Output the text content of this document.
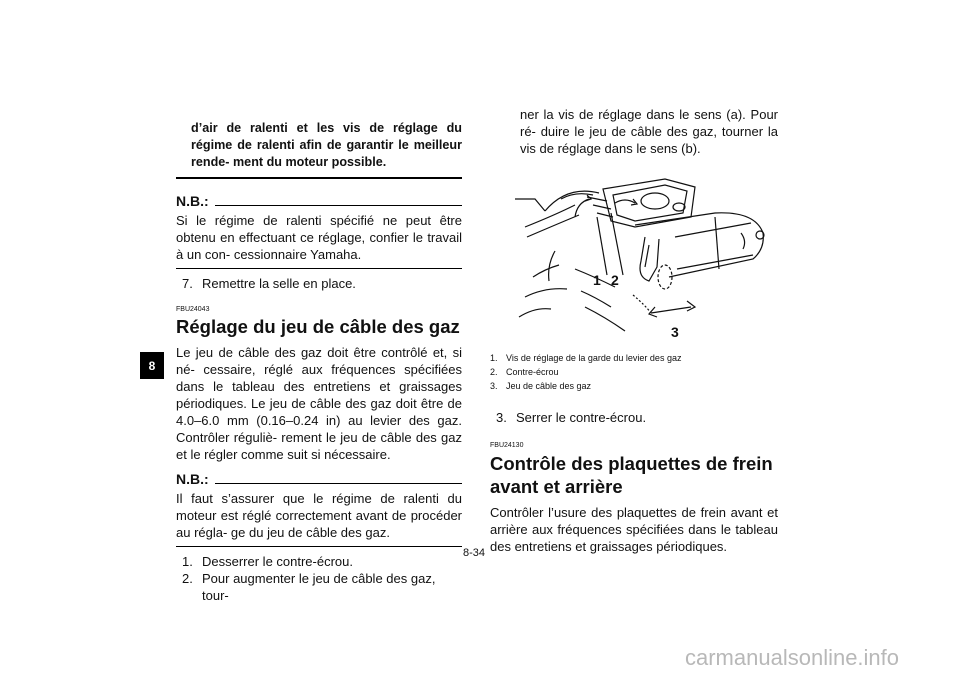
8
d’air de ralenti et les vis de réglage du régime de ralenti afin de garantir le meilleur rende- ment du moteur possible.
N.B.:
Si le régime de ralenti spécifié ne peut être obtenu en effectuant ce réglage, confier le travail à un con- cessionnaire Yamaha.
7. Remettre la selle en place.
FBU24043
Réglage du jeu de câble des gaz
Le jeu de câble des gaz doit être contrôlé et, si né- cessaire, réglé aux fréquences spécifiées dans le tableau des entretiens et graissages périodiques. Le jeu de câble des gaz doit être de 4.0–6.0 mm (0.16–0.24 in) au levier des gaz. Contrôler réguliè- rement le jeu de câble des gaz et le régler comme suit si nécessaire.
N.B.:
Il faut s’assurer que le régime de ralenti du moteur est réglé correctement avant de procéder au régla- ge du jeu de câble des gaz.
1. Desserrer le contre-écrou.
2. Pour augmenter le jeu de câble des gaz, tour-
ner la vis de réglage dans le sens (a). Pour ré- duire le jeu de câble des gaz, tourner la vis de réglage dans le sens (b).
1 2
3
1. Vis de réglage de la garde du levier des gaz
2. Contre-écrou
3. Jeu de câble des gaz
3. Serrer le contre-écrou.
FBU24130
Contrôle des plaquettes de frein avant et arrière
Contrôler l’usure des plaquettes de frein avant et arrière aux fréquences spécifiées dans le tableau des entretiens et graissages périodiques.
8-34
carmanualsonline.info
